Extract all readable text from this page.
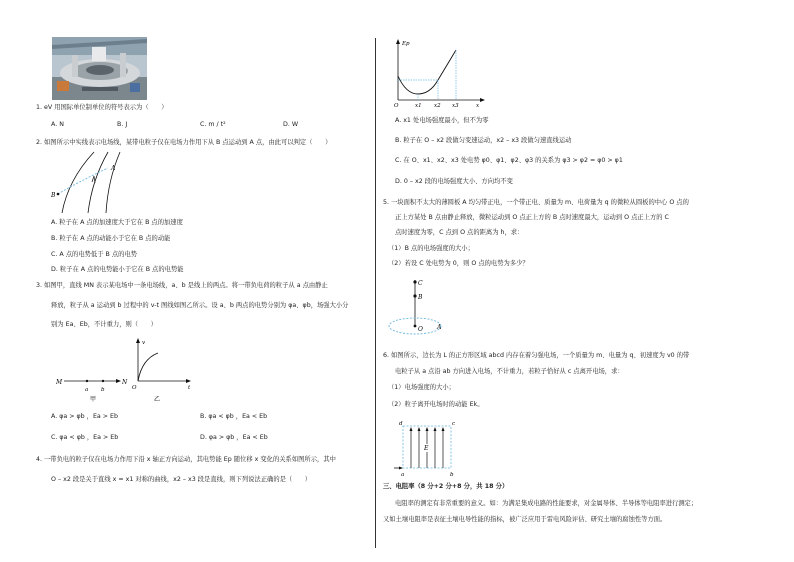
1. eV 用国际单位制单位的符号表示为（　　）
A. N	B. J	C. m / t²	D. W
2. 如图所示中实线表示电场线，某带电粒子仅在电场力作用下从 B 点运动到 A 点，由此可以判定（　　）
B
A
A. 粒子在 A 点的加速度大于它在 B 点的加速度
B. 粒子在 A 点的动能小于它在 B 点的动能
C. A 点的电势低于 B 点的电势
D. 粒子在 A 点的电势能小于它在 B 点的电势能
3. 如图甲，直线 MN 表示某电场中一条电场线，a、b 是线上的两点。将一带负电荷的粒子从 a 点由静止
释放，粒子从 a 运动到 b 过程中的 v-t 图线如图乙所示。设 a、b 两点的电势分别为 φa、φb，场强大小分
别为 Ea、Eb，不计重力，则（　　）
M
a b
N
甲
v
O	t
乙
A. φa > φb ，Ea > Eb	B. φa < φb ，Ea < Eb
C. φa < φb ，Ea > Eb	D. φa > φb ，Ea < Eb
4. 一带负电的粒子仅在电场力作用下沿 x 轴正方向运动，其电势能 Ep 随位移 x 变化的关系如图所示，其中
O – x2 段是关于直线 x = x1 对称的曲线，x2 – x3 段是直线，则下列说法正确的是（　　）
Ep
O	x1 x2 x3	x
A. x1 处电场强度最小，但不为零
B. 粒子在 O – x2 段做匀变速运动，x2 – x3 段做匀速直线运动
C. 在 O、x1、x2、x3 处电势 φ0、φ1、φ2、φ3 的关系为 φ3 > φ2 = φ0 > φ1
D. 0 – x2 段的电场强度大小、方向均不变
5. 一块面积不太大的薄圆板 A 均匀带正电，一个带正电、质量为 m、电荷量为 q 的微粒从圆板的中心 O 点的
正上方某处 B 点由静止释放，微粒运动到 O 点正上方的 B 点时速度最大，运动到 O 点正上方的 C
点时速度为零，C 点到 O 点的距离为 h，求：
（1）B 点的电场强度的大小；
（2）若设 C 处电势为 0，则 O 点的电势为多少？
C
B
O A
6. 如图所示，边长为 L 的正方形区域 abcd 内存在着匀强电场，一个质量为 m、电量为 q、初速度为 v0 的带
电粒子从 a 点沿 ab 方向进入电场，不计重力，若粒子恰好从 c 点离开电场，求：
（1）电场强度的大小；
（2）粒子离开电场时的动能 Ek。
E
d	c
a	b
三、电阻率（8 分+2 分+8 分，共 18 分）
电阻率的测定有非常重要的意义。如：为满足集成电路的性能要求，对金属导体、半导体等电阻率进行测定；
又如土壤电阻率是表征土壤电导性能的指标，被广泛应用于雷电风险评估、研究土壤的腐蚀性等方面。
